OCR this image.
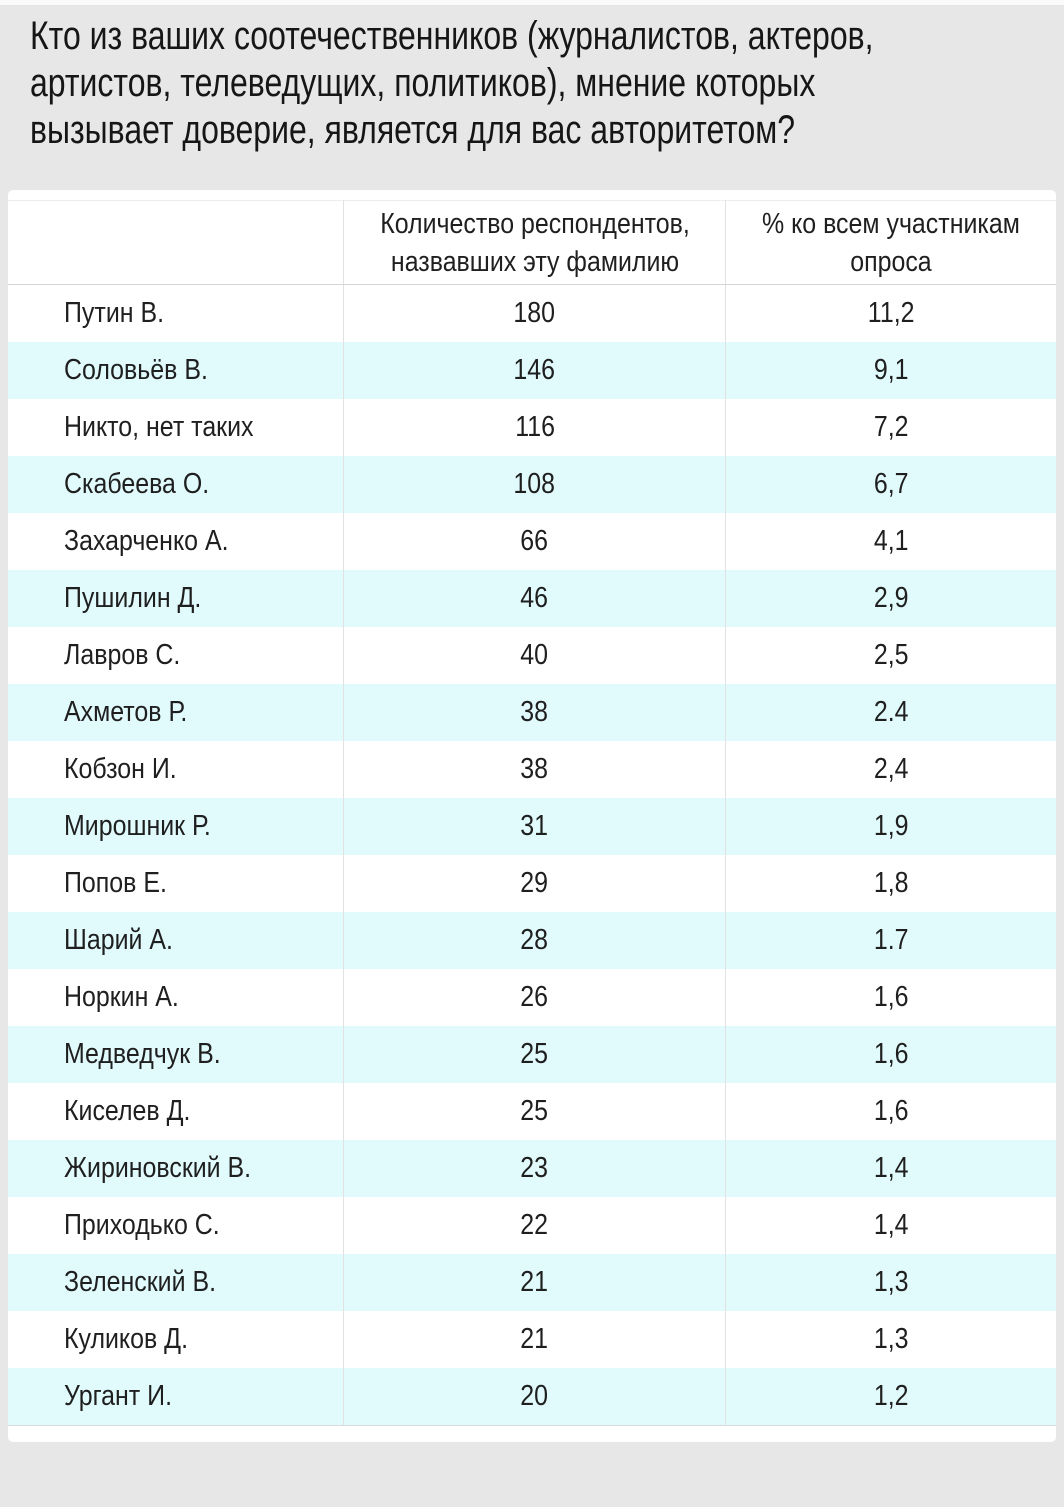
Кто из ваших соотечественников (журналистов, актеров, артистов, телеведущих, политиков), мнение которых вызывает доверие, является для вас авторитетом?

Количество респондентов,
назвавших эту фамилию

% ко всем участникам
опроса

Путин В.	180	11,2
Соловьёв В.	146	9,1
Никто, нет таких	116	7,2
Скабеева О.	108	6,7
Захарченко А.	66	4,1
Пушилин Д.	46	2,9
Лавров С.	40	2,5
Ахметов Р.	38	2.4
Кобзон И.	38	2,4
Мирошник Р.	31	1,9
Попов Е.	29	1,8
Шарий А.	28	1.7
Норкин А.	26	1,6
Медведчук В.	25	1,6
Киселев Д.	25	1,6
Жириновский В.	23	1,4
Приходько С.	22	1,4
Зеленский В.	21	1,3
Куликов Д.	21	1,3
Ургант И.	20	1,2
